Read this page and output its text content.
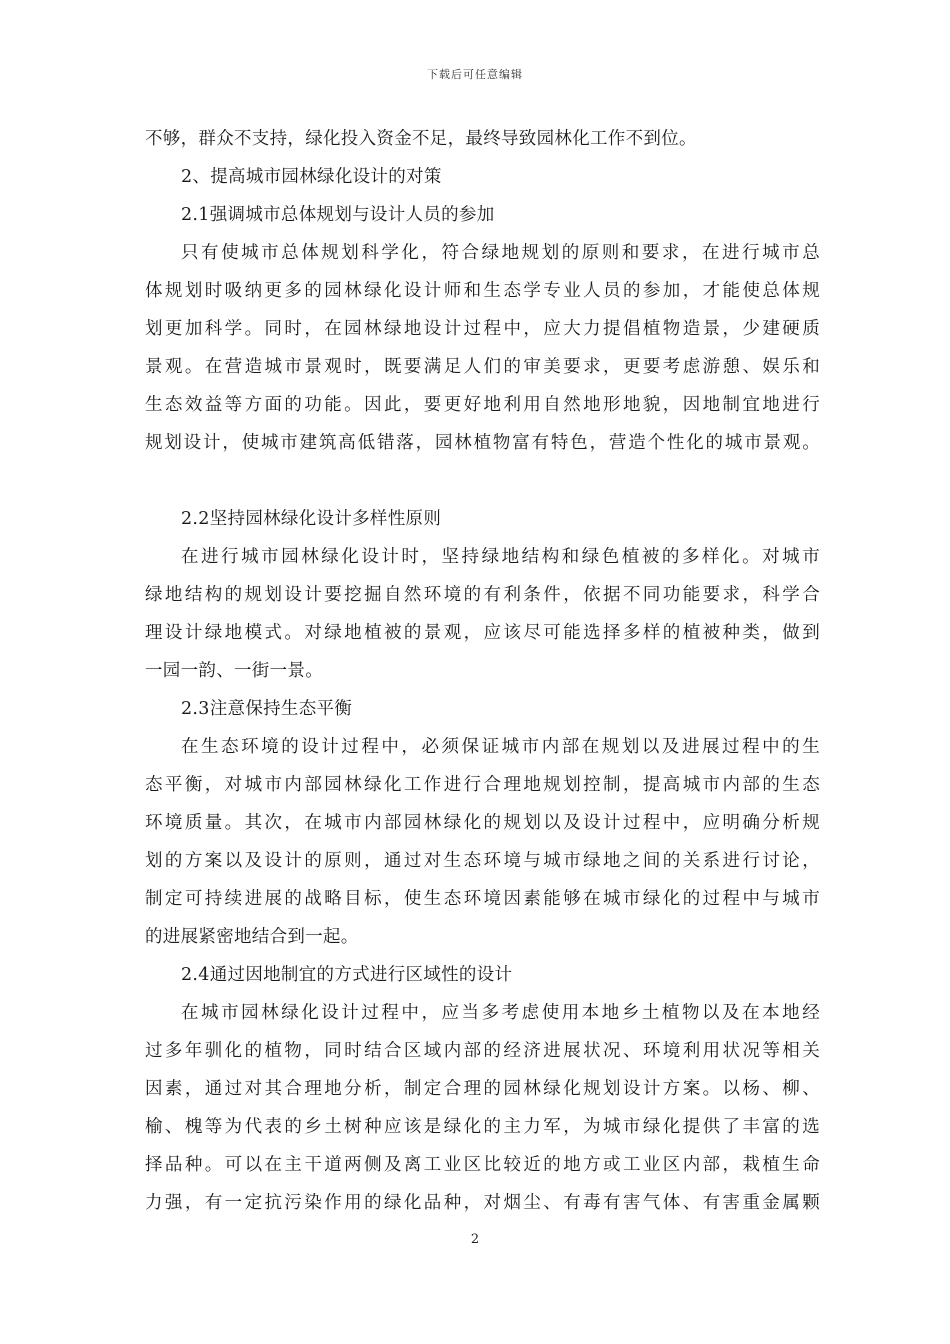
下载后可任意编辑
不够，群众不支持，绿化投入资金不足，最终导致园林化工作不到位。
2、提高城市园林绿化设计的对策
2.1强调城市总体规划与设计人员的参加
只有使城市总体规划科学化，符合绿地规划的原则和要求，在进行城市总
体规划时吸纳更多的园林绿化设计师和生态学专业人员的参加，才能使总体规
划更加科学。同时，在园林绿地设计过程中，应大力提倡植物造景，少建硬质
景观。在营造城市景观时，既要满足人们的审美要求，更要考虑游憩、娱乐和
生态效益等方面的功能。因此，要更好地利用自然地形地貌，因地制宜地进行
规划设计，使城市建筑高低错落，园林植物富有特色，营造个性化的城市景观。
2.2坚持园林绿化设计多样性原则
在进行城市园林绿化设计时，坚持绿地结构和绿色植被的多样化。对城市
绿地结构的规划设计要挖掘自然环境的有利条件，依据不同功能要求，科学合
理设计绿地模式。对绿地植被的景观，应该尽可能选择多样的植被种类，做到
一园一韵、一街一景。
2.3注意保持生态平衡
在生态环境的设计过程中，必须保证城市内部在规划以及进展过程中的生
态平衡，对城市内部园林绿化工作进行合理地规划控制，提高城市内部的生态
环境质量。其次，在城市内部园林绿化的规划以及设计过程中，应明确分析规
划的方案以及设计的原则，通过对生态环境与城市绿地之间的关系进行讨论，
制定可持续进展的战略目标，使生态环境因素能够在城市绿化的过程中与城市
的进展紧密地结合到一起。
2.4通过因地制宜的方式进行区域性的设计
在城市园林绿化设计过程中，应当多考虑使用本地乡土植物以及在本地经
过多年驯化的植物，同时结合区域内部的经济进展状况、环境利用状况等相关
因素，通过对其合理地分析，制定合理的园林绿化规划设计方案。以杨、柳、
榆、槐等为代表的乡土树种应该是绿化的主力军，为城市绿化提供了丰富的选
择品种。可以在主干道两侧及离工业区比较近的地方或工业区内部，栽植生命
力强，有一定抗污染作用的绿化品种，对烟尘、有毒有害气体、有害重金属颗
2
